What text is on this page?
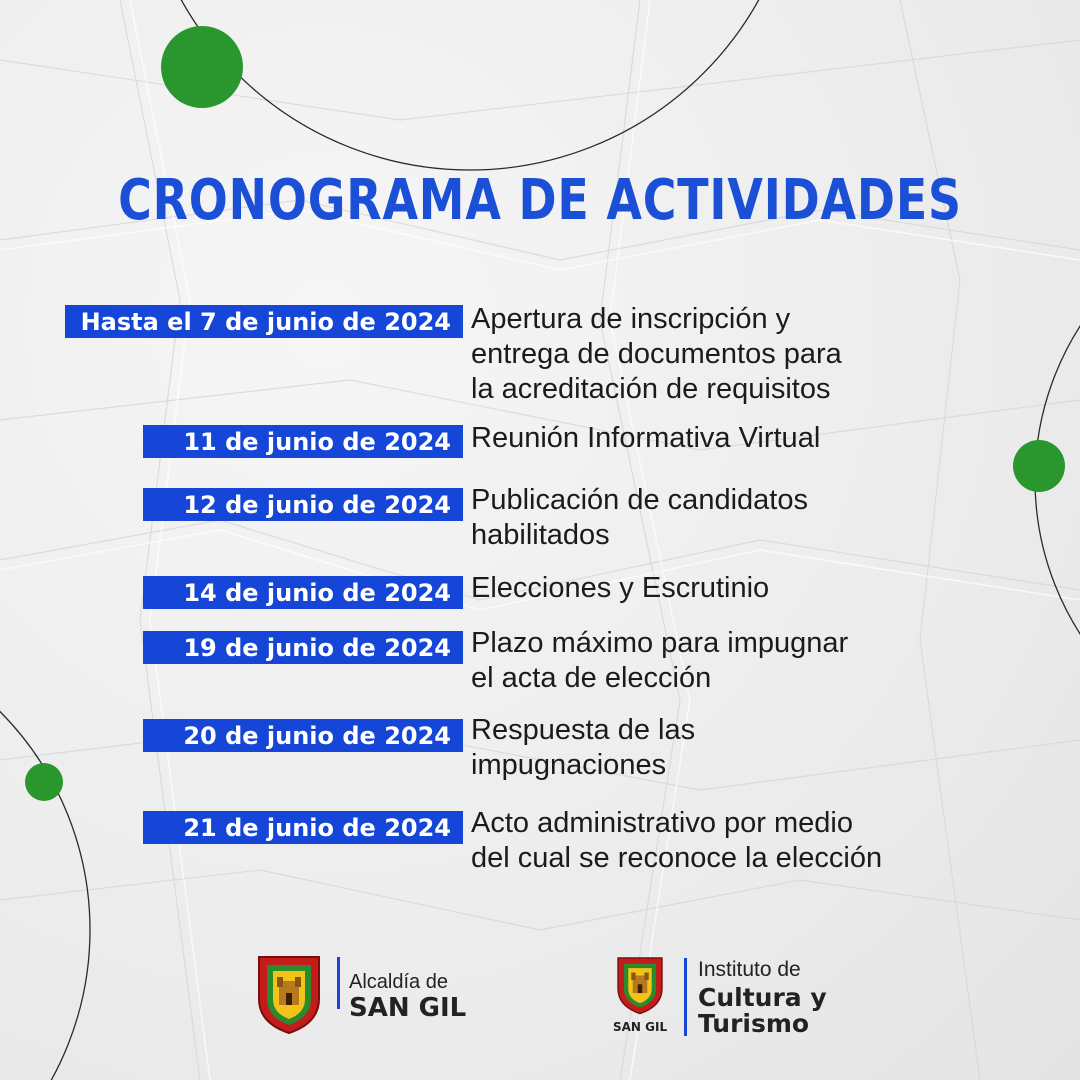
CRONOGRAMA DE ACTIVIDADES
Hasta el 7 de junio de 2024 Apertura de inscripción y
entrega de documentos para
la acreditación de requisitos
11 de junio de 2024 Reunión Informativa Virtual
12 de junio de 2024 Publicación de candidatos
habilitados
14 de junio de 2024 Elecciones y Escrutinio
19 de junio de 2024 Plazo máximo para impugnar
el acta de elección
20 de junio de 2024 Respuesta de las
impugnaciones
21 de junio de 2024 Acto administrativo por medio
del cual se reconoce la elección
Alcaldía de
SAN GIL
SAN GIL
Instituto de
Cultura y
Turismo
